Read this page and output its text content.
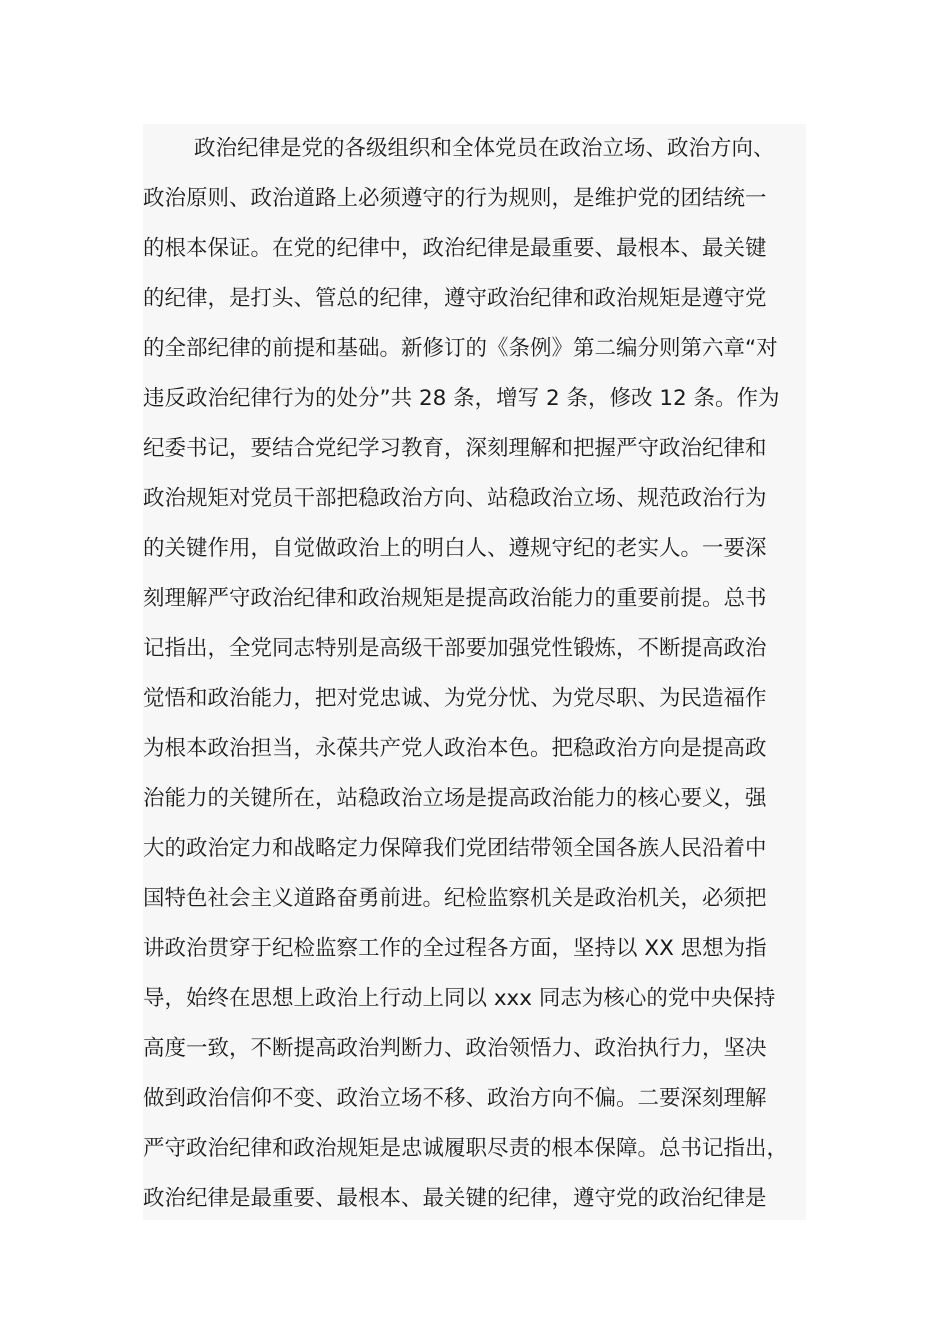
政治纪律是党的各级组织和全体党员在政治立场、政治方向、
政治原则、政治道路上必须遵守的行为规则，是维护党的团结统一
的根本保证。在党的纪律中，政治纪律是最重要、最根本、最关键
的纪律，是打头、管总的纪律，遵守政治纪律和政治规矩是遵守党
的全部纪律的前提和基础。新修订的《条例》第二编分则第六章“对
违反政治纪律行为的处分”共 28 条，增写 2 条，修改 12 条。作为
纪委书记，要结合党纪学习教育，深刻理解和把握严守政治纪律和
政治规矩对党员干部把稳政治方向、站稳政治立场、规范政治行为
的关键作用，自觉做政治上的明白人、遵规守纪的老实人。一要深
刻理解严守政治纪律和政治规矩是提高政治能力的重要前提。总书
记指出，全党同志特别是高级干部要加强党性锻炼，不断提高政治
觉悟和政治能力，把对党忠诚、为党分忧、为党尽职、为民造福作
为根本政治担当，永葆共产党人政治本色。把稳政治方向是提高政
治能力的关键所在，站稳政治立场是提高政治能力的核心要义，强
大的政治定力和战略定力保障我们党团结带领全国各族人民沿着中
国特色社会主义道路奋勇前进。纪检监察机关是政治机关，必须把
讲政治贯穿于纪检监察工作的全过程各方面，坚持以 XX 思想为指
导，始终在思想上政治上行动上同以 xxx 同志为核心的党中央保持
高度一致，不断提高政治判断力、政治领悟力、政治执行力，坚决
做到政治信仰不变、政治立场不移、政治方向不偏。二要深刻理解
严守政治纪律和政治规矩是忠诚履职尽责的根本保障。总书记指出，
政治纪律是最重要、最根本、最关键的纪律，遵守党的政治纪律是
